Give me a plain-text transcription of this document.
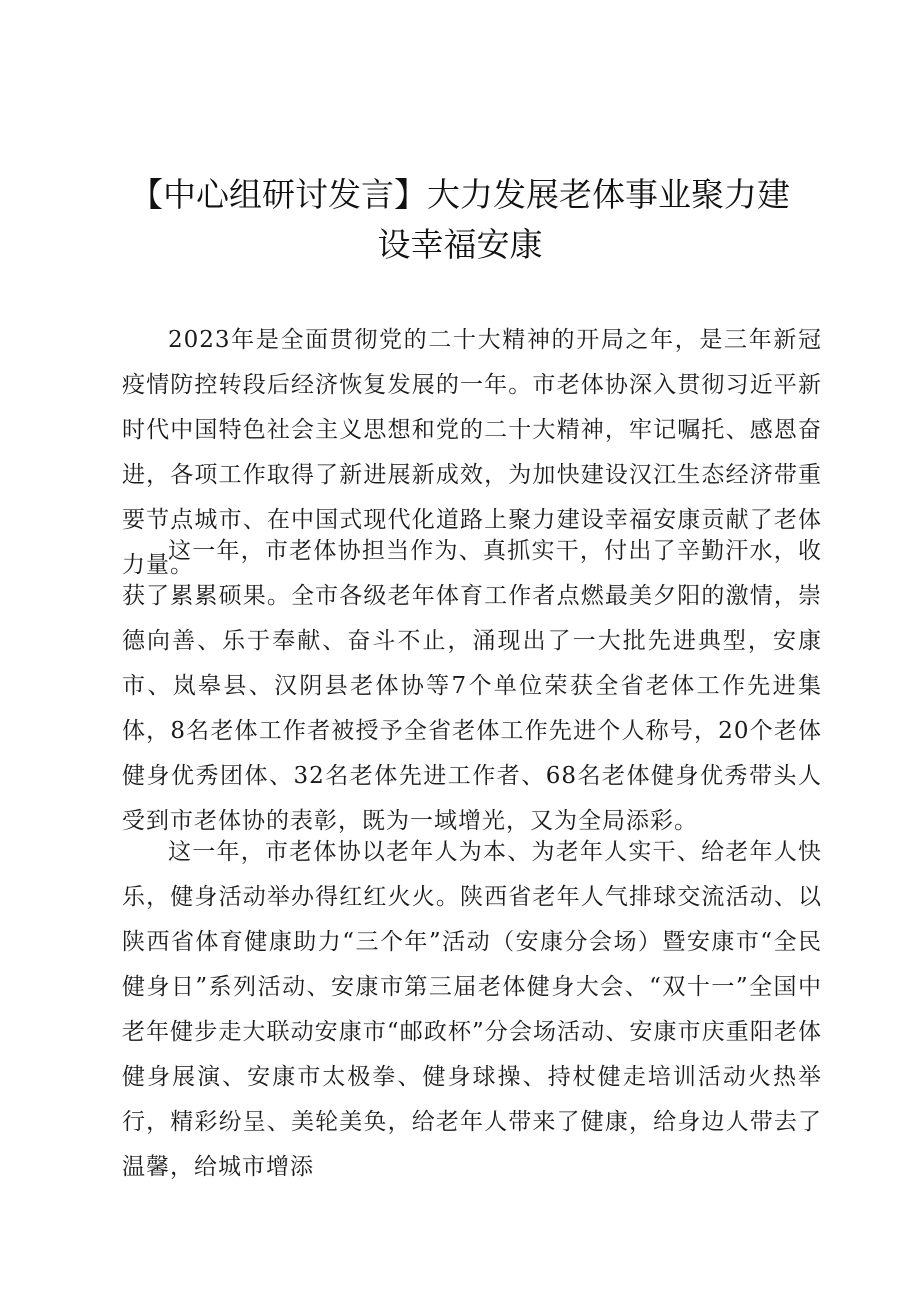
【中心组研讨发言】大力发展老体事业聚力建
设幸福安康

2023年是全面贯彻党的二十大精神的开局之年，是三年新冠疫情防控转段后经济恢复发展的一年。市老体协深入贯彻习近平新时代中国特色社会主义思想和党的二十大精神，牢记嘱托、感恩奋进，各项工作取得了新进展新成效，为加快建设汉江生态经济带重要节点城市、在中国式现代化道路上聚力建设幸福安康贡献了老体力量。

这一年，市老体协担当作为、真抓实干，付出了辛勤汗水，收获了累累硕果。全市各级老年体育工作者点燃最美夕阳的激情，崇德向善、乐于奉献、奋斗不止，涌现出了一大批先进典型，安康市、岚皋县、汉阴县老体协等7个单位荣获全省老体工作先进集体，8名老体工作者被授予全省老体工作先进个人称号，20个老体健身优秀团体、32名老体先进工作者、68名老体健身优秀带头人受到市老体协的表彰，既为一域增光，又为全局添彩。

这一年，市老体协以老年人为本、为老年人实干、给老年人快乐，健身活动举办得红红火火。陕西省老年人气排球交流活动、以陕西省体育健康助力“三个年”活动（安康分会场）暨安康市“全民健身日”系列活动、安康市第三届老体健身大会、“双十一”全国中老年健步走大联动安康市“邮政杯”分会场活动、安康市庆重阳老体健身展演、安康市太极拳、健身球操、持杖健走培训活动火热举行，精彩纷呈、美轮美奂，给老年人带来了健康，给身边人带去了温馨，给城市增添
